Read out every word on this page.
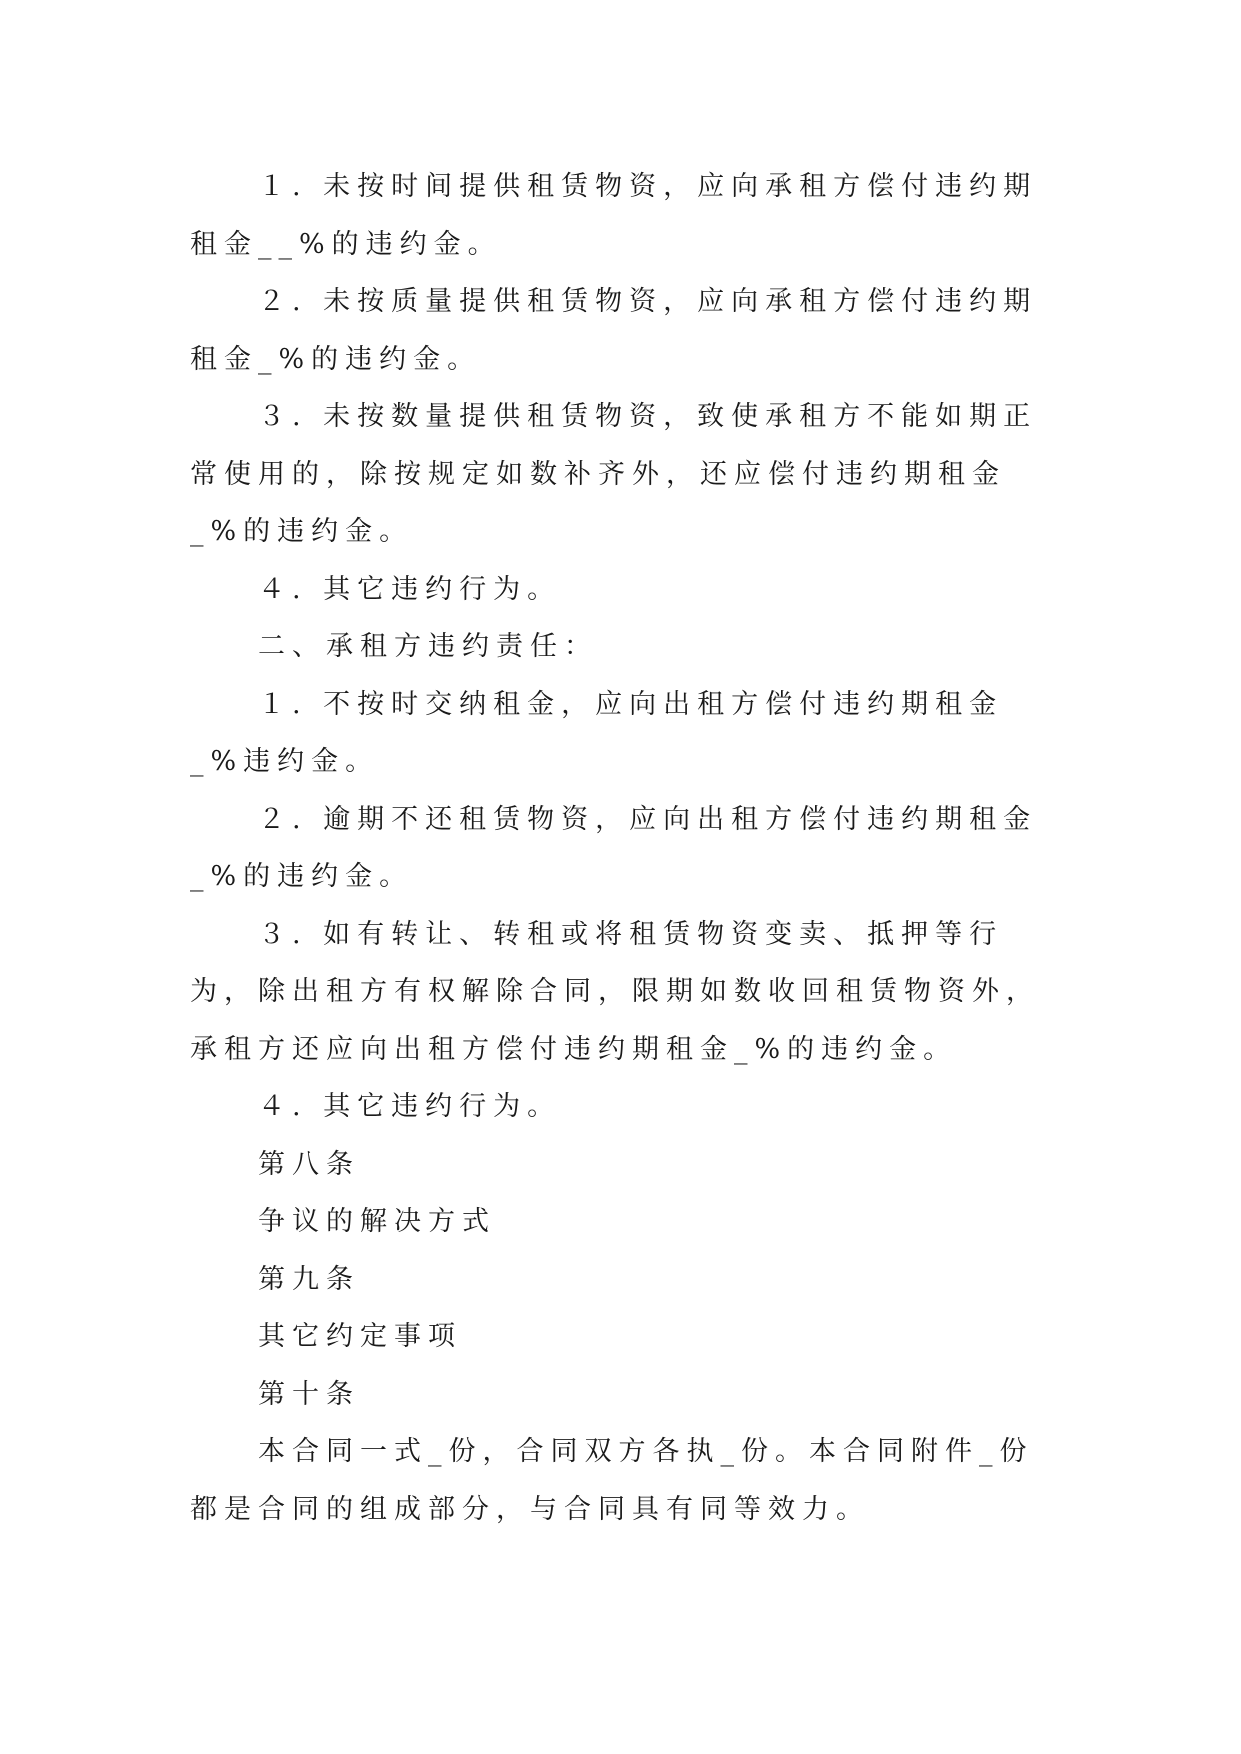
１. 未按时间提供租赁物资，应向承租方偿付违约期租金__%的违约金。

２. 未按质量提供租赁物资，应向承租方偿付违约期租金_%的违约金。

３. 未按数量提供租赁物资，致使承租方不能如期正常使用的，除按规定如数补齐外，还应偿付违约期租金_%的违约金。

４. 其它违约行为。

二、承租方违约责任：

１. 不按时交纳租金，应向出租方偿付违约期租金_%违约金。

２. 逾期不还租赁物资，应向出租方偿付违约期租金_%的违约金。

３. 如有转让、转租或将租赁物资变卖、抵押等行为，除出租方有权解除合同，限期如数收回租赁物资外，承租方还应向出租方偿付违约期租金_%的违约金。

４. 其它违约行为。

第八条

争议的解决方式

第九条

其它约定事项

第十条

本合同一式_份，合同双方各执_份。本合同附件_份都是合同的组成部分，与合同具有同等效力。
